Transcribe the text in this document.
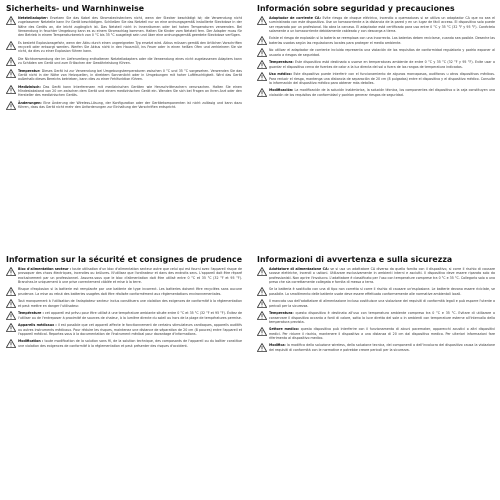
Sicherheits- und Warnhinweise

Netzteiladapter: Ersetzen Sie das Kabel des Stromstecksteckers nicht, wenn der Stecker beschädigt ist; die Verwendung nicht zugelassener Netzteile kann Ihr Gerät beschädigen. Schließen Sie das Netzteil nur an eine ordnungsgemäß installierte Steckdose in der Nähe des Geräts an, die leicht zugänglich ist. Das Netzteil nicht in Innenräumen oder bei hohen Temperaturen verwenden. Bei Verwendung in feuchter Umgebung kann es zu einem Stromschlag kommen. Halten Sie Kinder vom Netzteil fern. Der Adapter muss für den Betrieb in einem Temperaturbereich von 0 °C bis 35 °C ausgelegt sein und über eine ordnungsgemäß geerdete Steckdose verfügen.

Es besteht Explosionsgefahr, wenn der Akku durch einen ungeeigneten Typ ersetzt wird. Akkus müssen gemäß den örtlichen Vorschriften recycelt oder entsorgt werden. Werfen Sie Akkus nicht in den Hausmüll, ins Feuer oder in einen heißen Ofen und zerkleinern Sie sie nicht, da dies zu einer Explosion führen kann.

Die Nichtverwendung der im Lieferumfang enthaltenen Netzteiladapters oder die Verwendung eines nicht zugelassenen Adapters kann zu Schäden am Gerät und zum Erlöschen der Gewährleistung führen.

Temperatur: Dieses Gerät ist zur Verwendung bei Umgebungstemperaturen zwischen 0 °C und 35 °C vorgesehen. Verwenden Sie das Gerät nicht in der Nähe von Heizquellen, in direktem Sonnenlicht oder in Umgebungen mit hoher Luftfeuchtigkeit. Wird das Gerät außerhalb dieses Bereichs betrieben, kann dies zu einer Fehlfunktion führen.

Medizinisch: Das Gerät kann Interferenzen mit medizinischen Geräten wie Herzschrittmachern verursachen. Halten Sie einen Mindestabstand von 20 cm zwischen dem Gerät und einem medizinischen Gerät ein. Wenden Sie sich bei Fragen an Ihren Arzt oder den Hersteller des medizinischen Geräts.

Änderungen: Eine Änderung der Wireless-Lösung, der Konfiguration oder der Gerätekomponenten ist nicht zulässig und kann dazu führen, dass das Gerät nicht mehr den Anforderungen zur Einhaltung der Vorschriften entspricht.

Información sobre seguridad y precauciones

Adaptador de corriente CA: Evite riesgo de choque eléctrico, incendio o quemaduras si se utiliza un adaptador CA que no sea el suministrado con este dispositivo. Use un tomacorriente a la distancia de la pared y en un lugar de fácil acceso. El dispositivo solo puede ser reparado por un profesional. No abra la carcasa. El adaptador está certificado para uso entre 0 °C y 35 °C (32 °F y 95 °F). Conéctelo solamente a un tomacorriente debidamente cableado y con descarga a tierra.

Existe el riesgo de explosión si la batería se reemplaza con una incorrecta. Las baterías deben reciclarse, cuando sea posible. Deseche las baterías usadas según las regulaciones locales para proteger el medio ambiente.

No utilizar el adaptador de corriente incluido representa una violación de los requisitos de conformidad regulatoria y podría exponer al usuario a riesgos de seguridad.

Temperatura: Este dispositivo está destinado a usarse en temperaturas ambiente de entre 0 °C y 35 °C (32 °F y 95 °F). Evite usar o guardar el dispositivo cerca de fuentes de calor a la luz directa del sol o fuera de los rangos de temperatura indicados.

Uso médico: Este dispositivo puede interferir con el funcionamiento de algunos marcapasos, audífonos u otros dispositivos médicos. Para reducir el riesgo, mantenga una distancia de separación de 20 cm (8 pulgadas) entre el dispositivo y el dispositivo médico. Consulte la información del dispositivo médico para obtener más detalles.

Modificación: La modificación de la solución inalámbrica, la solución técnica, los componentes del dispositivo o la caja constituyen una violación de los requisitos de conformidad y podrían generar riesgos de seguridad.

Information sur la sécurité et consignes de prudence

Bloc d'alimentation secteur : toute utilisation d'un bloc d'alimentation secteur autre que celui qui est fourni avec l'appareil risque de provoquer des chocs électriques, incendies ou brûlures. N'utilisez que l'ordinateur et dans des endroits secs. L'appareil doit être réparé exclusivement par un professionnel. Assurez-vous que le bloc d'alimentation doit être utilisé entre 0 °C et 35 °C (32 °F et 95 °F). Branchez-le uniquement à une prise correctement câblée et mise à la terre.

Risque d'explosion si la batterie est remplacée par une batterie de type incorrect. Les batteries doivent être recyclées sans aucune prudence. La mise au rebut des batteries usagées doit être réalisée conformément aux réglementations environnementales.

Tout manquement à l'utilisation de l'adaptateur secteur inclus constituera une violation des exigences de conformité à la réglementation et peut mettre en danger l'utilisateur.

Température : cet appareil est prévu pour être utilisé à une température ambiante située entre 0 °C et 35 °C (32 °F et 95 °F). Évitez de l'utiliser ou de l'entreposer à proximité de sources de chaleur, à la lumière directe du soleil ou hors de la plage de températures permise.

Appareils médicaux : il est possible que cet appareil affecte le fonctionnement de certains stimulateurs cardiaques, appareils auditifs ou autres instruments médicaux. Pour réduire les risques, maintenez une distance de séparation de 20 cm (8 pouces) entre l'appareil et l'appareil médical. Reportez-vous à la documentation de l'instrument médical pour davantage d'informations.

Modification : toute modification de la solution sans fil, de la solution technique, des composants de l'appareil ou du boîtier constitue une violation des exigences de conformité à la réglementation et peut présenter des risques d'accident.

Informazioni di avvertenza e sulla sicurezza

Adattatore di alimentazione CA: se si usa un adattatore CA diverso da quello fornito con il dispositivo, si corre il rischio di causare scosse elettriche, incendi o ustioni. Utilizzare esclusivamente in ambienti interni e asciutti. Il dispositivo deve essere riparato solo da professionisti. Non aprire l'involucro. L'adattatore è classificato per l'uso con temperature comprese tra 0 °C e 35 °C. Collegarlo solo a una presa che sia correttamente collegata e fornita di messa a terra.

Se la batteria è sostituita con una di tipo non corretto si corre il rischio di causare un'esplosione. Le batterie devono essere riciclate, se possibile. Lo smaltimento delle batterie usate deve essere effettuato conformemente alle normative ambientali locali.

Il mancato uso dell'adattatore di alimentazione incluso costituisce una violazione dei requisiti di conformità legali e può esporre l'utente a pericoli per la sicurezza.

Temperatura: questo dispositivo è destinato all'uso con temperatura ambiente compresa tra 0 °C e 35 °C. Evitare di utilizzare o conservare il dispositivo accanto a fonti di calore, sotto la luce diretta del sole o in ambienti con temperature esterne all'intervallo della temperatura prevista.

Settore medico: questo dispositivo può interferire con il funzionamento di alcuni pacemaker, apparecchi acustici o altri dispositivi medici. Per ridurre il rischio, mantenere il dispositivo a una distanza di 20 cm dal dispositivo medico. Per ulteriori informazioni fare riferimento al dispositivo medico.

Modifica: la modifica della soluzione wireless, della soluzione tecnica, dei componenti o dell'involucro del dispositivo causa la violazione dei requisiti di conformità con le normative e potrebbe creare pericoli per la sicurezza.
